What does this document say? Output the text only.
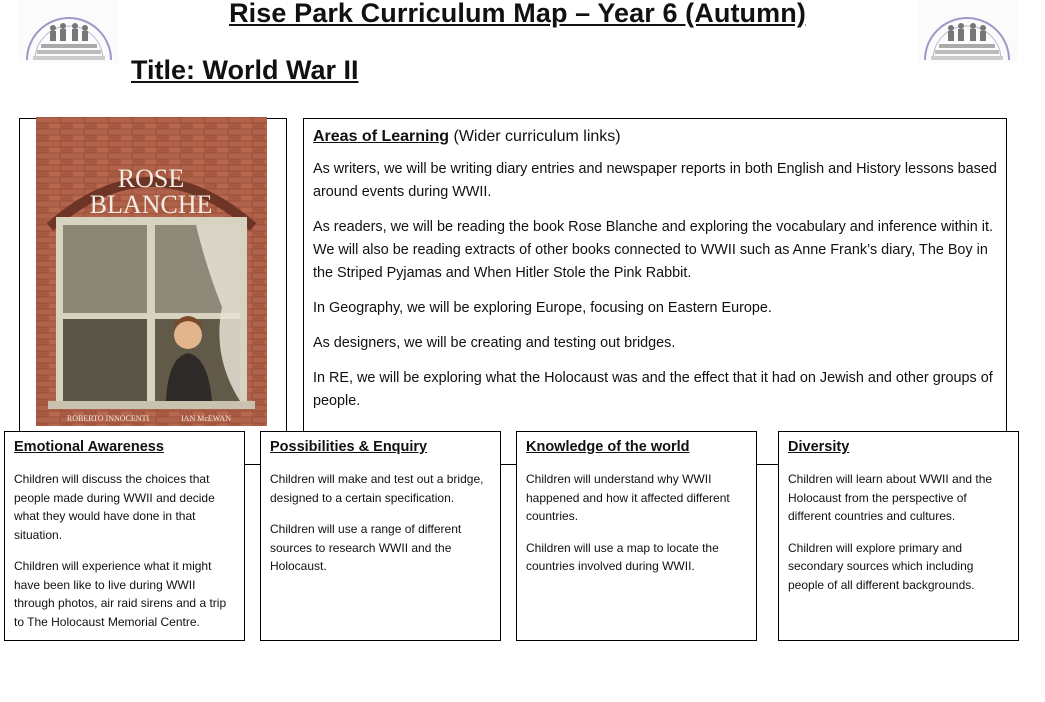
Rise Park Curriculum Map – Year 6 (Autumn)
Title: World War II
ROSE
BLANCHE
ROBERTO INNOCENTI	IAN McEWAN
Areas of Learning (Wider curriculum links)

As writers, we will be writing diary entries and newspaper reports in both English and History lessons based around events during WWII.

As readers, we will be reading the book Rose Blanche and exploring the vocabulary and inference within it. We will also be reading extracts of other books connected to WWII such as Anne Frank’s diary, The Boy in the Striped Pyjamas and When Hitler Stole the Pink Rabbit.

In Geography, we will be exploring Europe, focusing on Eastern Europe.

As designers, we will be creating and testing out bridges.

In RE, we will be exploring what the Holocaust was and the effect that it had on Jewish and other groups of people.

Emotional Awareness

Children will discuss the choices that people made during WWII and decide what they would have done in that situation.

Children will experience what it might have been like to live during WWII through photos, air raid sirens and a trip to The Holocaust Memorial Centre.

Possibilities & Enquiry

Children will make and test out a bridge, designed to a certain specification.

Children will use a range of different sources to research WWII and the Holocaust.

Knowledge of the world

Children will understand why WWII happened and how it affected different countries.

Children will use a map to locate the countries involved during WWII.

Diversity

Children will learn about WWII and the Holocaust from the perspective of different countries and cultures.

Children will explore primary and secondary sources which including people of all different backgrounds.
